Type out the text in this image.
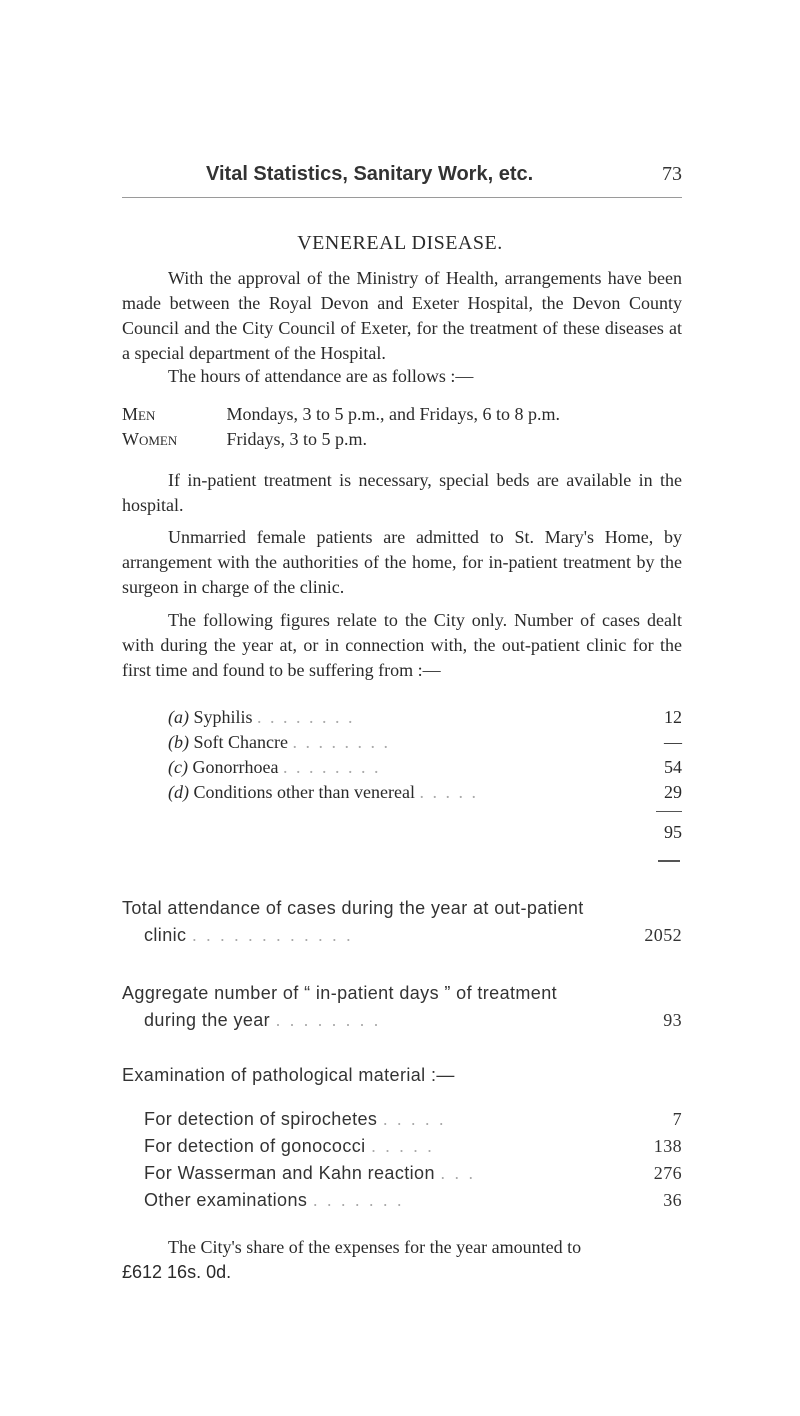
Vital Statistics, Sanitary Work, etc.	73
VENEREAL DISEASE.

With the approval of the Ministry of Health, arrangements have been made between the Royal Devon and Exeter Hospital, the Devon County Council and the City Council of Exeter, for the treatment of these diseases at a special department of the Hospital.

The hours of attendance are as follows :—

Men	Mondays, 3 to 5 p.m., and Fridays, 6 to 8 p.m.
Women	Fridays, 3 to 5 p.m.

If in-patient treatment is necessary, special beds are available in the hospital.

Unmarried female patients are admitted to St. Mary's Home, by arrangement with the authorities of the home, for in-patient treatment by the surgeon in charge of the clinic.

The following figures relate to the City only. Number of cases dealt with during the year at, or in connection with, the out-patient clinic for the first time and found to be suffering from :—

(a) Syphilis . . . . . . . .	12
(b) Soft Chancre . . . . . . . .	—
(c) Gonorrhoea . . . . . . . .	54
(d) Conditions other than venereal . . . . .	29
95
Total attendance of cases during the year at out-patient
clinic . . . . . . . . . . . .	2052
Aggregate number of “ in-patient days ” of treatment
during the year . . . . . . . .	93
Examination of pathological material :—
For detection of spirochetes . . . . .	7
For detection of gonococci . . . . .	138
For Wasserman and Kahn reaction . . .	276
Other examinations . . . . . . .	36
The City's share of the expenses for the year amounted to
£612 16s. 0d.
